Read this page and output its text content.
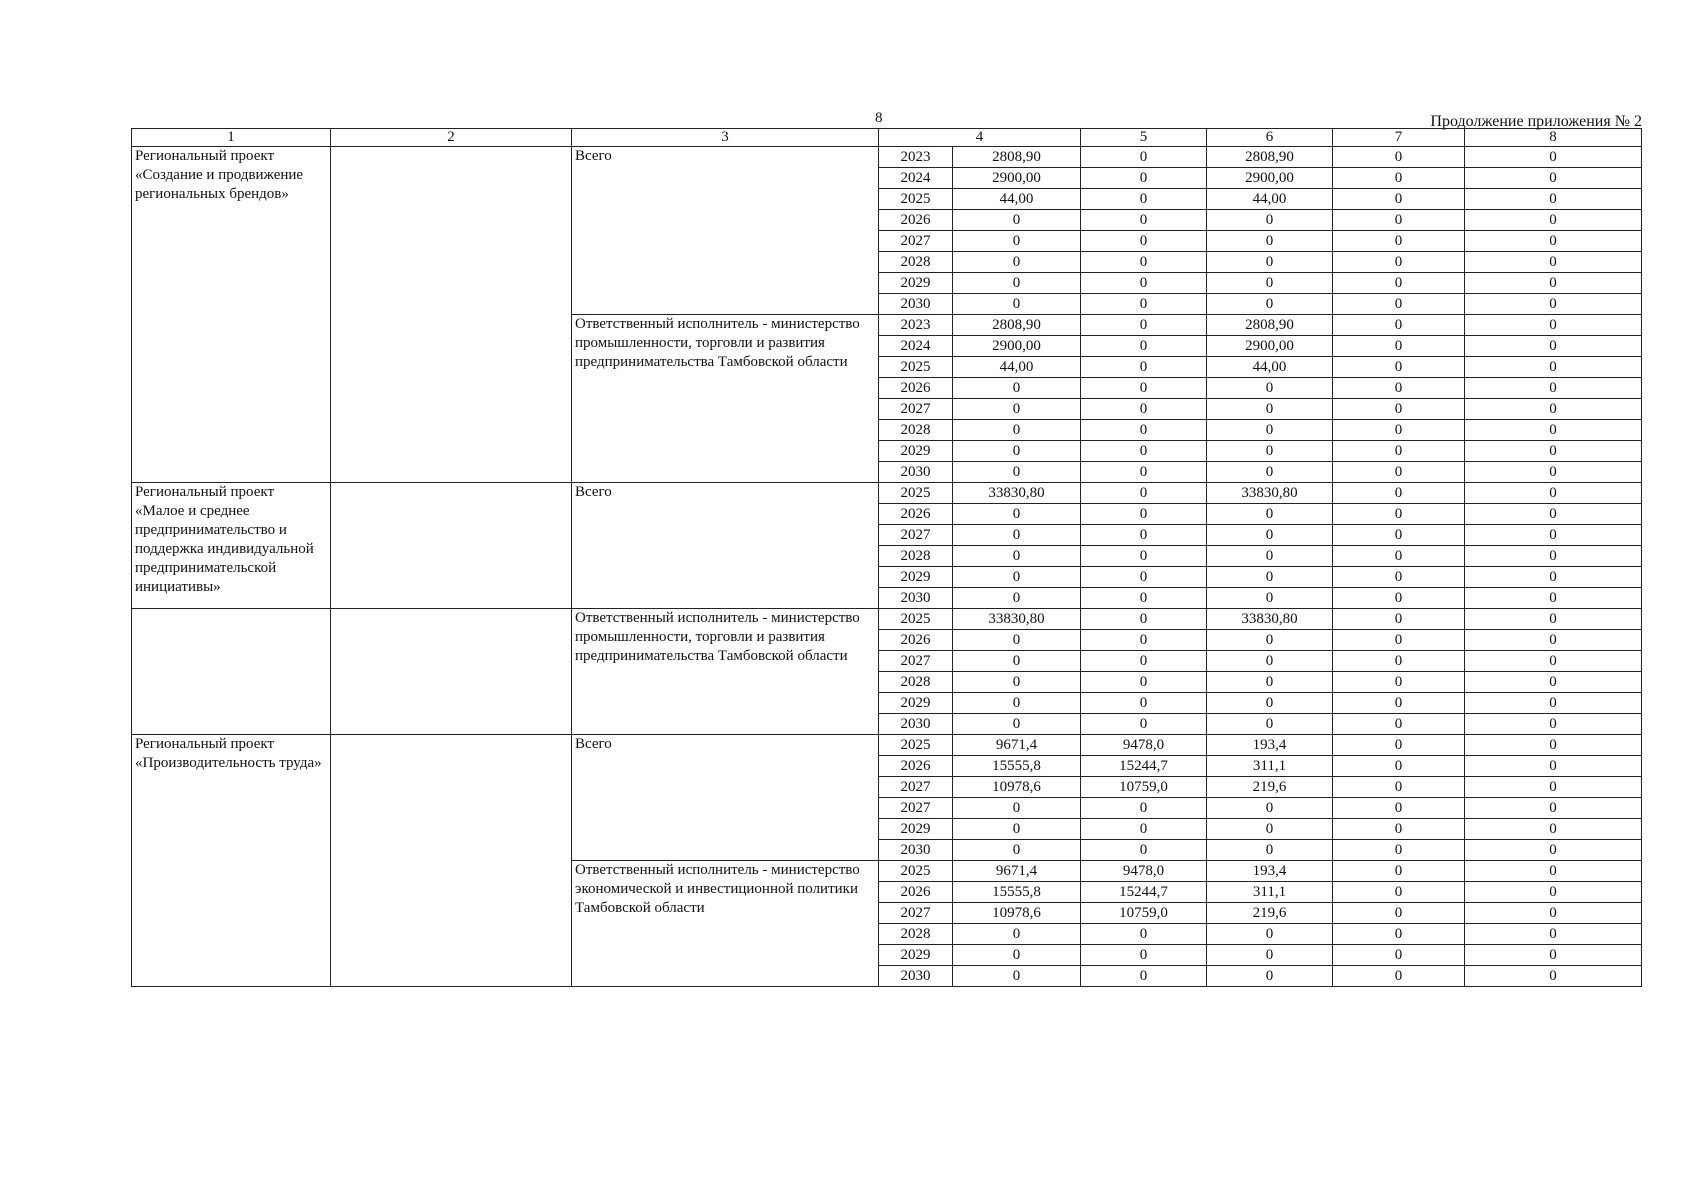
8	Продолжение приложения № 2
1	2	3	4		5	6	7	8
Региональный проект «Создание и продвижение региональных брендов»		Всего	2023	2808,90	0	2808,90	0	0
			2024	2900,00	0	2900,00	0	0
			2025	44,00	0	44,00	0	0
			2026	0	0	0	0	0
			2027	0	0	0	0	0
			2028	0	0	0	0	0
			2029	0	0	0	0	0
			2030	0	0	0	0	0
		Ответственный исполнитель - министерство промышленности, торговли и развития предпринимательства Тамбовской области	2023	2808,90	0	2808,90	0	0
			2024	2900,00	0	2900,00	0	0
			2025	44,00	0	44,00	0	0
			2026	0	0	0	0	0
			2027	0	0	0	0	0
			2028	0	0	0	0	0
			2029	0	0	0	0	0
			2030	0	0	0	0	0
Региональный проект «Малое и среднее предпринимательство и поддержка индивидуальной предпринимательской инициативы»		Всего	2025	33830,80	0	33830,80	0	0
			2026	0	0	0	0	0
			2027	0	0	0	0	0
			2028	0	0	0	0	0
			2029	0	0	0	0	0
			2030	0	0	0	0	0
		Ответственный исполнитель - министерство промышленности, торговли и развития предпринимательства Тамбовской области	2025	33830,80	0	33830,80	0	0
			2026	0	0	0	0	0
			2027	0	0	0	0	0
			2028	0	0	0	0	0
			2029	0	0	0	0	0
			2030	0	0	0	0	0
Региональный проект «Производительность труда»		Всего	2025	9671,4	9478,0	193,4	0	0
			2026	15555,8	15244,7	311,1	0	0
			2027	10978,6	10759,0	219,6	0	0
			2027	0	0	0	0	0
			2029	0	0	0	0	0
			2030	0	0	0	0	0
		Ответственный исполнитель - министерство экономической и инвестиционной политики Тамбовской области	2025	9671,4	9478,0	193,4	0	0
			2026	15555,8	15244,7	311,1	0	0
			2027	10978,6	10759,0	219,6	0	0
			2028	0	0	0	0	0
			2029	0	0	0	0	0
			2030	0	0	0	0	0
